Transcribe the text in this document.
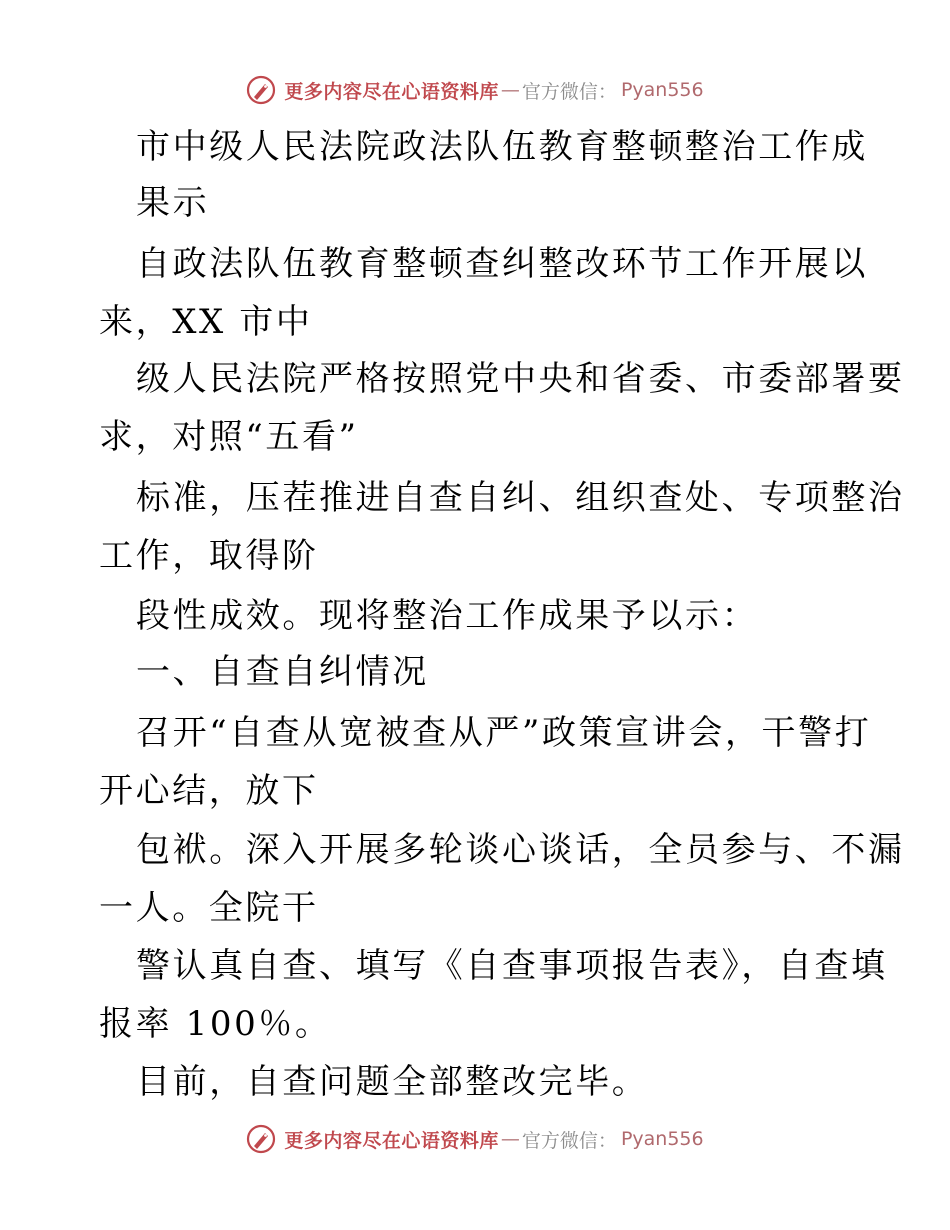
更多内容尽在心语资料库 — 官方微信： Pyan556
市中级人民法院政法队伍教育整顿整治工作成
果示
自政法队伍教育整顿查纠整改环节工作开展以
来，XX 市中
级人民法院严格按照党中央和省委、市委部署要
求，对照“五看”
标准，压茬推进自查自纠、组织查处、专项整治
工作，取得阶
段性成效。现将整治工作成果予以示：
一、自查自纠情况
召开“自查从宽被查从严”政策宣讲会，干警打
开心结，放下
包袱。深入开展多轮谈心谈话，全员参与、不漏
一人。全院干
警认真自查、填写《自查事项报告表》，自查填
报率 100％。
目前，自查问题全部整改完毕。
更多内容尽在心语资料库 — 官方微信： Pyan556
